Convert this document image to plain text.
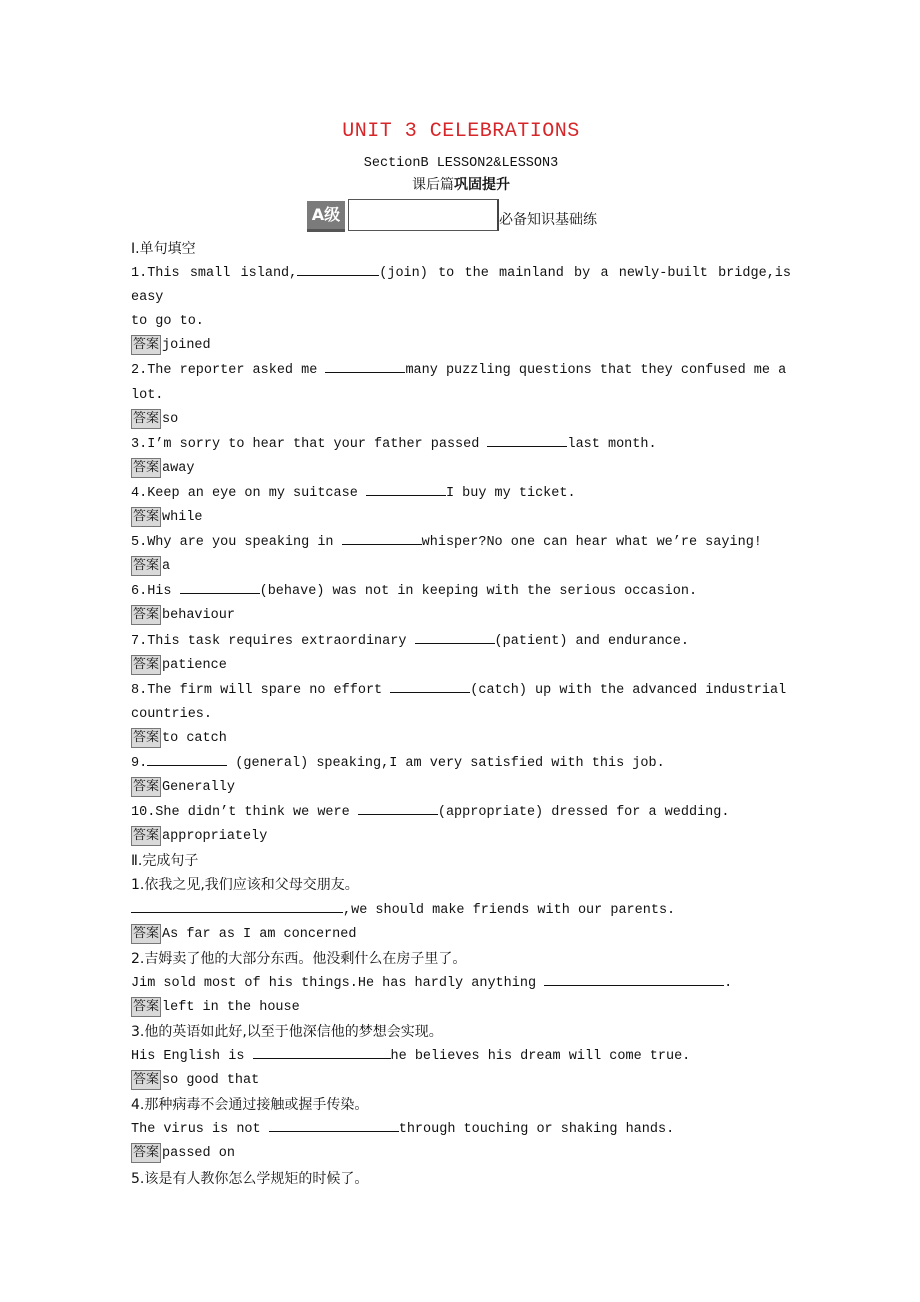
UNIT 3 CELEBRATIONS
SectionB LESSON2&LESSON3
课后篇巩固提升
A级	必备知识基础练
Ⅰ.单句填空
1.This small island,	(join) to the mainland by a newly-built bridge,is easy
to go to.
答案 joined
2.The reporter asked me	many puzzling questions that they confused me a
lot.
答案 so
3.I’m sorry to hear that your father passed	last month.
答案 away
4.Keep an eye on my suitcase	I buy my ticket.
答案 while
5.Why are you speaking in	whisper?No one can hear what we’re saying!
答案 a
6.His	(behave) was not in keeping with the serious occasion.
答案 behaviour
7.This task requires extraordinary	(patient) and endurance.
答案 patience
8.The firm will spare no effort	(catch) up with the advanced industrial
countries.
答案 to catch
9.	(general) speaking,I am very satisfied with this job.
答案 Generally
10.She didn’t think we were	(appropriate) dressed for a wedding.
答案 appropriately
Ⅱ.完成句子
1.依我之见,我们应该和父母交朋友。
,we should make friends with our parents.
答案 As far as I am concerned
2.吉姆卖了他的大部分东西。他没剩什么在房子里了。
Jim sold most of his things.He has hardly anything	.
答案 left in the house
3.他的英语如此好,以至于他深信他的梦想会实现。
His English is	he believes his dream will come true.
答案 so good that
4.那种病毒不会通过接触或握手传染。
The virus is not	through touching or shaking hands.
答案 passed on
5.该是有人教你怎么学规矩的时候了。
